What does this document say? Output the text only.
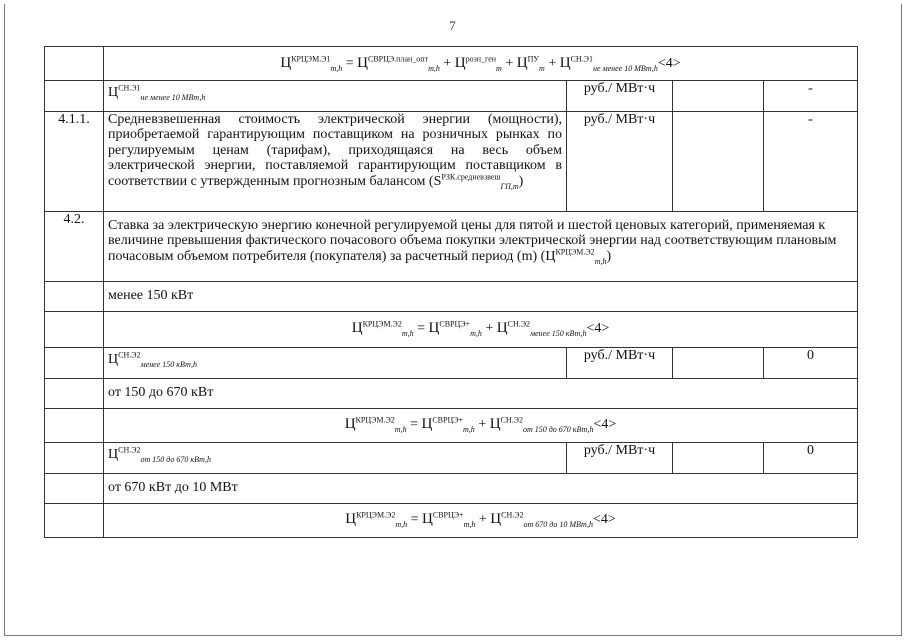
7
	$Ц^{КРЦЭМ.Э1}_{m,h} = Ц^{СВРЦЭ.план\_опт}_{m,h} + Ц^{розн\_ген}_m + Ц^{ПУ}_m + Ц^{СН.Э1}_{не менее 10 МВт,h}<4>$			
	$Ц^{СН.Э1}_{не менее 10 МВт,h}$	руб./ МВт·ч		-
4.1.1.	Средневзвешенная стоимость электрической энергии (мощности), приобретаемой гарантирующим поставщиком на розничных рынках по регулируемым ценам (тарифам), приходящаяся на весь объем электрической энергии, поставляемой гарантирующим поставщиком в соответствии с утвержденным прогнозным балансом $(S^{РЗК.средневзвеш}_{ГП,m})$	руб./ МВт·ч		-
4.2.	Ставка за электрическую энергию конечной регулируемой цены для пятой и шестой ценовых категорий, применяемая к величине превышения фактического почасового объема покупки электрической энергии над соответствующим плановым почасовым объемом потребителя (покупателя) за расчетный период (m) $(Ц^{КРЦЭМ.Э2}_{m,h})$			
	менее 150 кВт			
	$Ц^{КРЦЭМ.Э2}_{m,h} = Ц^{СВРЦЭ+}_{m,h} + Ц^{СН.Э2}_{менее 150 кВт,h}<4>$			
	$Ц^{СН.Э2}_{менее 150 кВт,h}$	руб./ МВт·ч		0
	от 150 до 670 кВт			
	$Ц^{КРЦЭМ.Э2}_{m,h} = Ц^{СВРЦЭ+}_{m,h} + Ц^{СН.Э2}_{от 150 до 670 кВт,h}<4>$			
	$Ц^{СН.Э2}_{от 150 до 670 кВт,h}$	руб./ МВт·ч		0
	от 670 кВт до 10 МВт			
	$Ц^{КРЦЭМ.Э2}_{m,h} = Ц^{СВРЦЭ+}_{m,h} + Ц^{СН.Э2}_{от 670 до 10 МВт,h}<4>$			
